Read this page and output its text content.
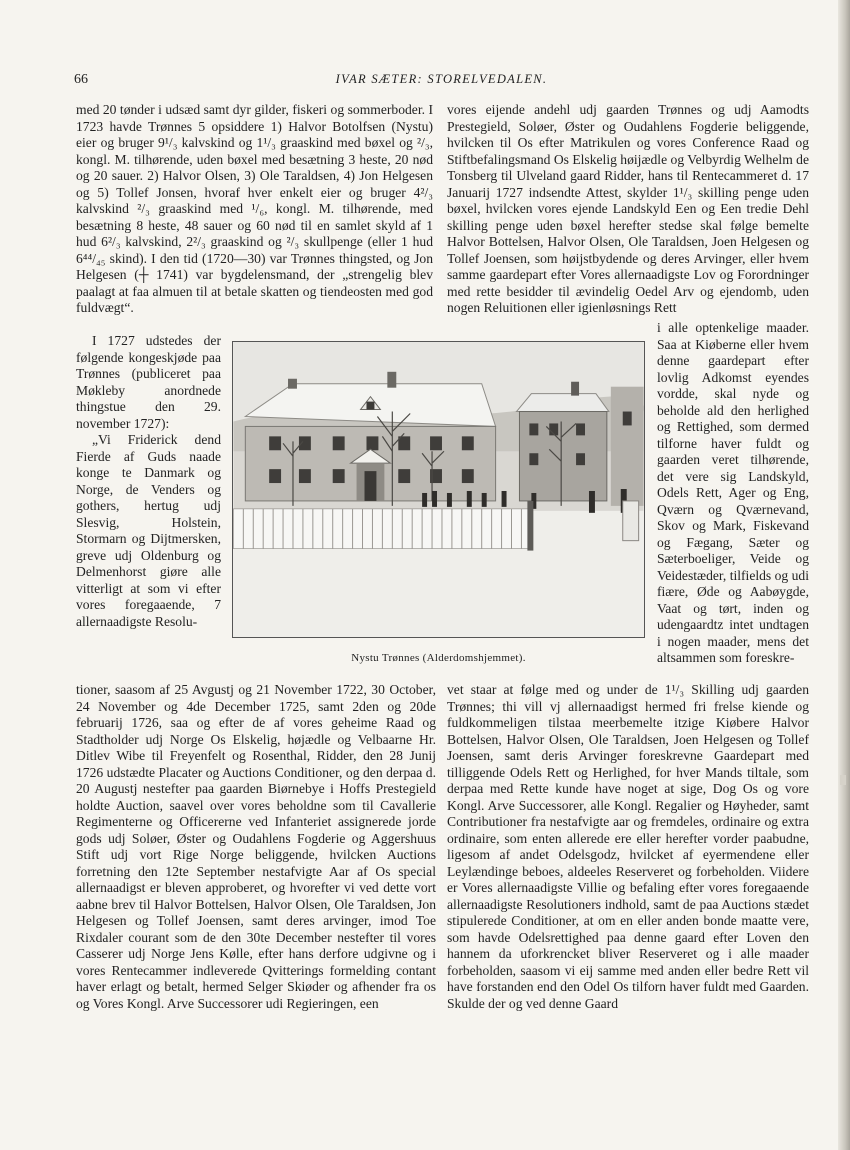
66	IVAR SÆTER: STORELVEDALEN.

med 20 tønder i udsæd samt dyr gilder, fiskeri og sommerboder. I 1723 havde Trønnes 5 opsiddere 1) Halvor Botolfsen (Nystu) eier og bruger 9¹/₃ kalvskind og 1¹/₃ graaskind med bøxel og ²/₃, kongl. M. tilhørende, uden bøxel med besætning 3 heste, 20 nød og 20 sauer. 2) Halvor Olsen, 3) Ole Taraldsen, 4) Jon Helgesen og 5) Tollef Jonsen, hvoraf hver enkelt eier og bruger 4²/₃ kalvskind ²/₃ graaskind med ¹/₆, kongl. M. tilhørende, med besætning 8 heste, 48 sauer og 60 nød til en samlet skyld af 1 hud 6²/₃ kalvskind, 2²/₃ graaskind og ²/₃ skullpenge (eller 1 hud 6⁴⁴/₄₅ skind). I den tid (1720—30) var Trønnes thingsted, og Jon Helgesen (┼ 1741) var bygdelensmand, der „strengelig blev paalagt at faa almuen til at betale skatten og tiendeosten med god fuldvægt“.

I 1727 udstedes der følgende kongeskjøde paa Trønnes (publiceret paa Møkleby anordnede thingstue den 29. november 1727):

„Vi Friderick dend Fierde af Guds naade konge te Danmark og Norge, de Venders og gothers, hertug udj Slesvig, Holstein, Stormarn og Dijtmersken, greve udj Oldenburg og Delmenhorst giøre alle vitterligt at som vi efter vores foregaaende, 7 allernaadigste Resolu-

vores eijende andehl udj gaarden Trønnes og udj Aamodts Prestegield, Soløer, Øster og Oudahlens Fogderie beliggende, hvilcken til Os efter Matrikulen og vores Conference Raad og Stiftbefalingsmand Os Elskelig høijædle og Velbyrdig Welhelm de Tonsberg til Ulveland gaard Ridder, hans til Rentecammeret d. 17 Januarij 1727 indsendte Attest, skylder 1¹/₃ skilling penge uden bøxel, hvilcken vores ejende Landskyld Een og Een tredie Dehl skilling penge uden bøxel herefter stedse skal følge bemelte Halvor Bottelsen, Halvor Olsen, Ole Taraldsen, Joen Helgesen og Tollef Joensen, som høijstbydende og deres Arvinger, eller hvem samme gaardepart efter Vores allernaadigste Lov og Forordninger med rette besidder til ævindelig Oedel Arv og ejendomb, uden nogen Reluitionen eller igienløsnings Rett

i alle optenkelige maader. Saa at Kiøberne eller hvem denne gaardepart efter lovlig Adkomst eyendes vordde, skal nyde og beholde ald den herlighed og Rettighed, som dermed tilforne haver fuldt og gaarden veret tilhørende, det vere sig Landskyld, Odels Rett, Ager og Eng, Qværn og Qværnevand, Skov og Mark, Fiskevand og Fægang, Sæter og Sæterboeliger, Veide og Veidestæder, tilfields og udi fiære, Øde og Aabøygde, Vaat og tørt, inden og udengaardtz intet undtagen i nogen maader, mens det altsammen som foreskre-

Nystu Trønnes (Alderdomshjemmet).

tioner, saasom af 25 Avgustj og 21 November 1722, 30 October, 24 November og 4de December 1725, samt 2den og 20de februarij 1726, saa og efter de af vores geheime Raad og Stadtholder udj Norge Os Elskelig, højædle og Velbaarne Hr. Ditlev Wibe til Freyenfelt og Rosenthal, Ridder, den 28 Junij 1726 udstædte Placater og Auctions Conditioner, og den derpaa d. 20 Augustj nestefter paa gaarden Biørnebye i Hoffs Prestegield holdte Auction, saavel over vores beholdne som til Cavallerie Regimenterne og Officererne ved Infanteriet assignerede jorde gods udj Soløer, Øster og Oudahlens Fogderie og Aggershuus Stift udj vort Rige Norge beliggende, hvilcken Auctions forretning den 12te September nestafvigte Aar af Os special allernaadigst er bleven approberet, og hvorefter vi ved dette vort aabne brev til Halvor Bottelsen, Halvor Olsen, Ole Taraldsen, Jon Helgesen og Tollef Joensen, samt deres arvinger, imod Toe Rixdaler courant som de den 30te December nestefter til vores Casserer udj Norge Jens Kølle, efter hans derfore udgivne og i vores Rentecammer indleverede Qvitterings formelding contant haver erlagt og betalt, hermed Selger Skiøder og afhender fra os og Vores Kongl. Arve Successorer udi Regieringen, een

vet staar at følge med og under de 1¹/₃ Skilling udj gaarden Trønnes; thi vill vj allernaadigst hermed fri frelse kiende og fuldkommeligen tilstaa meerbemelte itzige Kiøbere Halvor Bottelsen, Halvor Olsen, Ole Taraldsen, Joen Helgesen og Tollef Joensen, samt deris Arvinger foreskrevne Gaardepart med tilliggende Odels Rett og Herlighed, for hver Mands tiltale, som derpaa med Rette kunde have noget at sige, Dog Os og vore Kongl. Arve Successorer, alle Kongl. Regalier og Høyheder, samt Contributioner fra nestafvigte aar og fremdeles, ordinaire og extra ordinaire, som enten allerede ere eller herefter vorder paabudne, ligesom af andet Odelsgodz, hvilcket af eyermendene eller Leylændinge beboes, aldeeles Reserveret og forbeholden. Viidere er Vores allernaadigste Villie og befaling efter vores foregaaende allernaadigste Resolutioners indhold, samt de paa Auctions stædet stipulerede Conditioner, at om en eller anden bonde maatte vere, som havde Odelsrettighed paa denne gaard efter Loven den hannem da uforkrencket bliver Reserveret og i alle maader forbeholden, saasom vi eij samme med anden eller bedre Rett vil have forstanden end den Odel Os tilforn haver fuldt med Gaarden. Skulde der og ved denne Gaard
